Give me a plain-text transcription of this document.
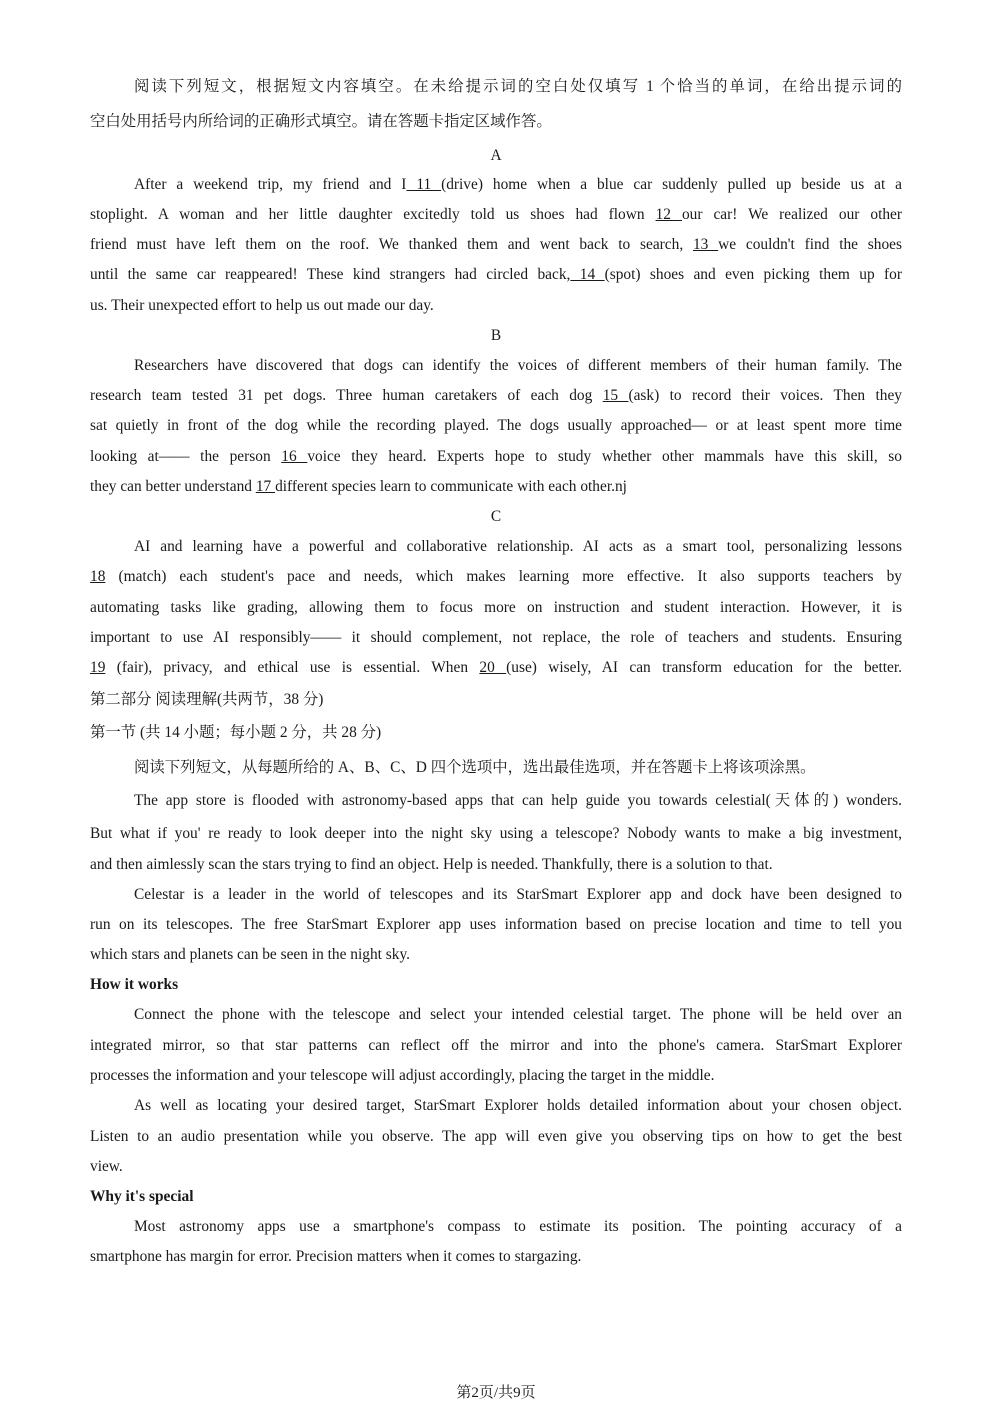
阅读下列短文，根据短文内容填空。在未给提示词的空白处仅填写 1 个恰当的单词，在给出提示词的
空白处用括号内所给词的正确形式填空。请在答题卡指定区域作答。
A
After a weekend trip, my friend and I 11 (drive) home when a blue car suddenly pulled up beside us at a
stoplight. A woman and her little daughter excitedly told us shoes had flown 12 our car! We realized our other
friend must have left them on the roof. We thanked them and went back to search, 13 we couldn't find the shoes
until the same car reappeared! These kind strangers had circled back, 14 (spot) shoes and even picking them up for
us. Their unexpected effort to help us out made our day.
B
Researchers have discovered that dogs can identify the voices of different members of their human family. The
research team tested 31 pet dogs. Three human caretakers of each dog 15 (ask) to record their voices. Then they
sat quietly in front of the dog while the recording played. The dogs usually approached— or at least spent more time
looking at—— the person 16 voice they heard. Experts hope to study whether other mammals have this skill, so
they can better understand 17 different species learn to communicate with each other.nj
C
AI and learning have a powerful and collaborative relationship. AI acts as a smart tool, personalizing lessons
18 (match) each student's pace and needs, which makes learning more effective. It also supports teachers by
automating tasks like grading, allowing them to focus more on instruction and student interaction. However, it is
important to use AI responsibly—— it should complement, not replace, the role of teachers and students. Ensuring
19 (fair), privacy, and ethical use is essential. When 20 (use) wisely, AI can transform education for the better.
第二部分 阅读理解(共两节，38 分)
第一节 (共 14 小题；每小题 2 分，共 28 分)
阅读下列短文，从每题所给的 A、B、C、D 四个选项中，选出最佳选项，并在答题卡上将该项涂黑。
The app store is flooded with astronomy-based apps that can help guide you towards celestial(天体的) wonders.
But what if you' re ready to look deeper into the night sky using a telescope? Nobody wants to make a big investment,
and then aimlessly scan the stars trying to find an object. Help is needed. Thankfully, there is a solution to that.
Celestar is a leader in the world of telescopes and its StarSmart Explorer app and dock have been designed to
run on its telescopes. The free StarSmart Explorer app uses information based on precise location and time to tell you
which stars and planets can be seen in the night sky.
How it works
Connect the phone with the telescope and select your intended celestial target. The phone will be held over an
integrated mirror, so that star patterns can reflect off the mirror and into the phone's camera. StarSmart Explorer
processes the information and your telescope will adjust accordingly, placing the target in the middle.
As well as locating your desired target, StarSmart Explorer holds detailed information about your chosen object.
Listen to an audio presentation while you observe. The app will even give you observing tips on how to get the best
view.
Why it's special
Most astronomy apps use a smartphone's compass to estimate its position. The pointing accuracy of a
smartphone has margin for error. Precision matters when it comes to stargazing.
第2页/共9页
